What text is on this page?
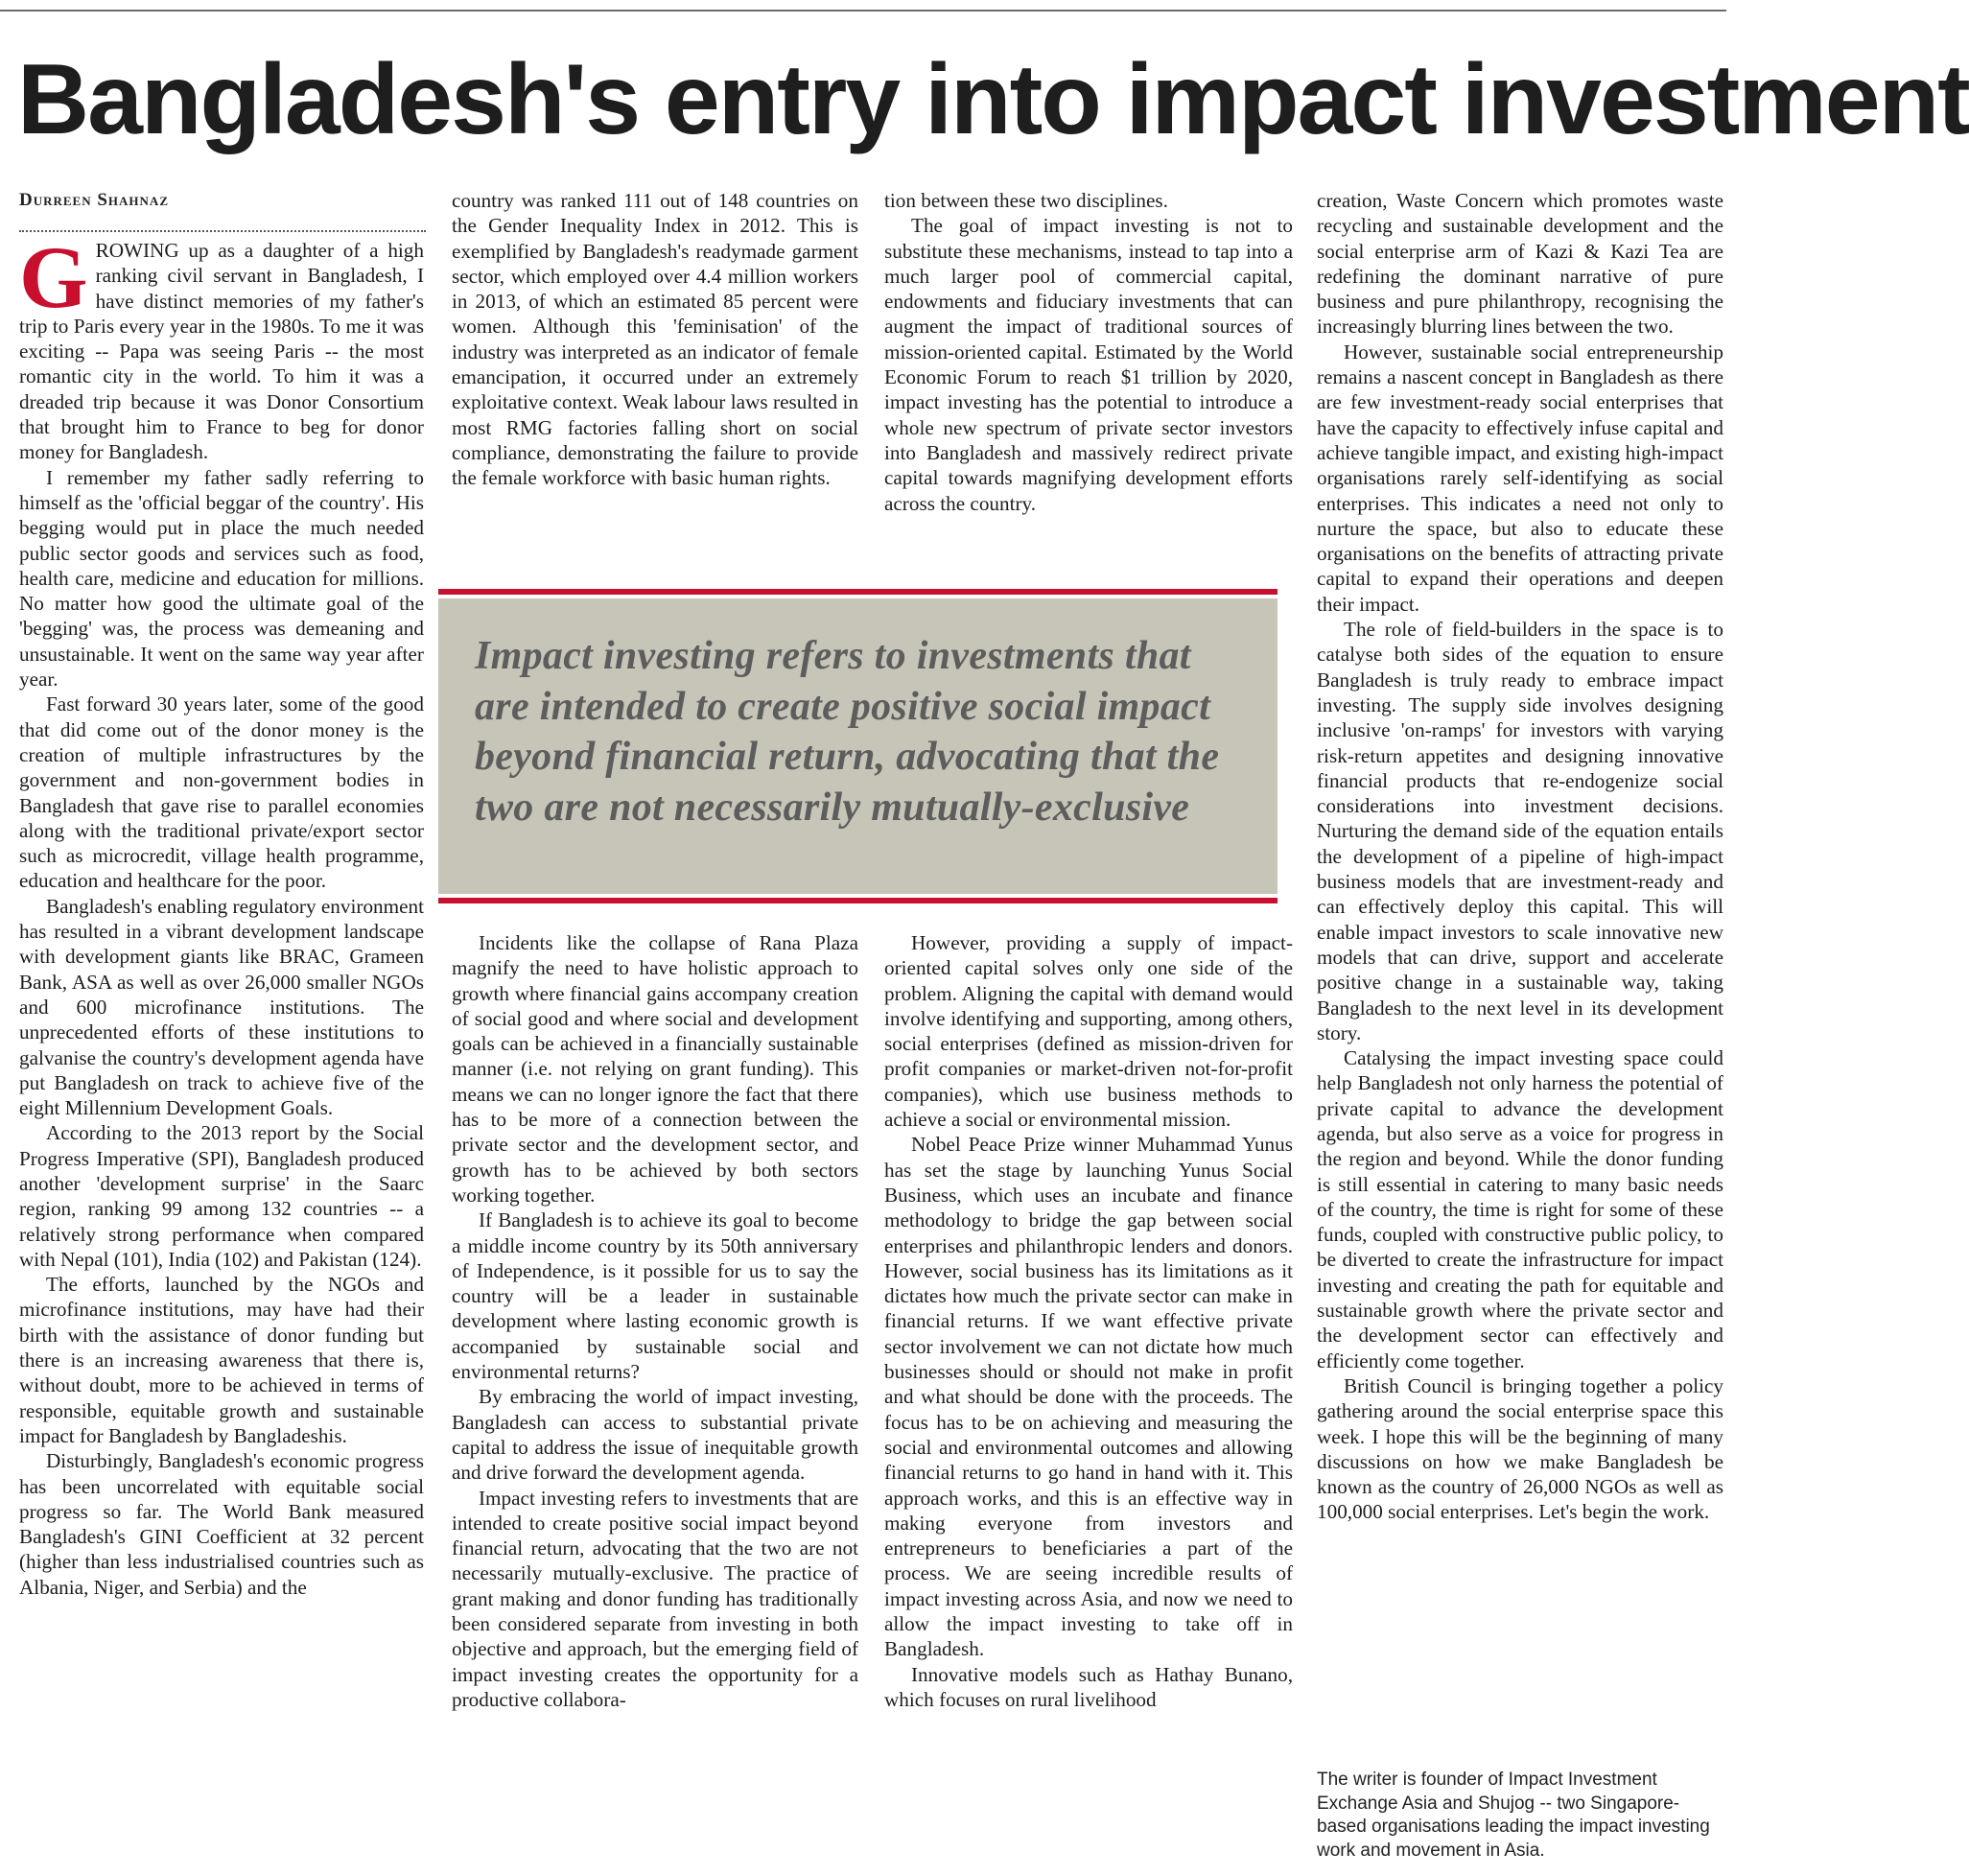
Bangladesh's entry into impact investment
Durreen Shahnaz

GROWING up as a daughter of a high ranking civil servant in Bangladesh, I have distinct memories of my father's trip to Paris every year in the 1980s. To me it was exciting -- Papa was seeing Paris -- the most romantic city in the world. To him it was a dreaded trip because it was Donor Consortium that brought him to France to beg for donor money for Bangladesh.

I remember my father sadly referring to himself as the 'official beggar of the country'. His begging would put in place the much needed public sector goods and services such as food, health care, medicine and education for millions. No matter how good the ultimate goal of the 'begging' was, the process was demeaning and unsustainable. It went on the same way year after year.

Fast forward 30 years later, some of the good that did come out of the donor money is the creation of multiple infrastructures by the government and non-government bodies in Bangladesh that gave rise to parallel economies along with the traditional private/export sector such as microcredit, village health programme, education and healthcare for the poor.

Bangladesh's enabling regulatory environment has resulted in a vibrant development landscape with development giants like BRAC, Grameen Bank, ASA as well as over 26,000 smaller NGOs and 600 microfinance institutions. The unprecedented efforts of these institutions to galvanise the country's development agenda have put Bangladesh on track to achieve five of the eight Millennium Development Goals.

According to the 2013 report by the Social Progress Imperative (SPI), Bangladesh produced another 'development surprise' in the Saarc region, ranking 99 among 132 countries -- a relatively strong performance when compared with Nepal (101), India (102) and Pakistan (124).

The efforts, launched by the NGOs and microfinance institutions, may have had their birth with the assistance of donor funding but there is an increasing awareness that there is, without doubt, more to be achieved in terms of responsible, equitable growth and sustainable impact for Bangladesh by Bangladeshis.

Disturbingly, Bangladesh's economic progress has been uncorrelated with equitable social progress so far. The World Bank measured Bangladesh's GINI Coefficient at 32 percent (higher than less industrialised countries such as Albania, Niger, and Serbia) and the

country was ranked 111 out of 148 countries on the Gender Inequality Index in 2012. This is exemplified by Bangladesh's readymade garment sector, which employed over 4.4 million workers in 2013, of which an estimated 85 percent were women. Although this 'feminisation' of the industry was interpreted as an indicator of female emancipation, it occurred under an extremely exploitative context. Weak labour laws resulted in most RMG factories falling short on social compliance, demonstrating the failure to provide the female workforce with basic human rights.

tion between these two disciplines.

The goal of impact investing is not to substitute these mechanisms, instead to tap into a much larger pool of commercial capital, endowments and fiduciary investments that can augment the impact of traditional sources of mission-oriented capital. Estimated by the World Economic Forum to reach $1 trillion by 2020, impact investing has the potential to introduce a whole new spectrum of private sector investors into Bangladesh and massively redirect private capital towards magnifying development efforts across the country.

Impact investing refers to investments that are intended to create positive social impact beyond financial return, advocating that the two are not necessarily mutually-exclusive

Incidents like the collapse of Rana Plaza magnify the need to have holistic approach to growth where financial gains accompany creation of social good and where social and development goals can be achieved in a financially sustainable manner (i.e. not relying on grant funding). This means we can no longer ignore the fact that there has to be more of a connection between the private sector and the development sector, and growth has to be achieved by both sectors working together.

If Bangladesh is to achieve its goal to become a middle income country by its 50th anniversary of Independence, is it possible for us to say the country will be a leader in sustainable development where lasting economic growth is accompanied by sustainable social and environmental returns?

By embracing the world of impact investing, Bangladesh can access to substantial private capital to address the issue of inequitable growth and drive forward the development agenda.

Impact investing refers to investments that are intended to create positive social impact beyond financial return, advocating that the two are not necessarily mutually-exclusive. The practice of grant making and donor funding has traditionally been considered separate from investing in both objective and approach, but the emerging field of impact investing creates the opportunity for a productive collabora-

However, providing a supply of impact-oriented capital solves only one side of the problem. Aligning the capital with demand would involve identifying and supporting, among others, social enterprises (defined as mission-driven for profit companies or market-driven not-for-profit companies), which use business methods to achieve a social or environmental mission.

Nobel Peace Prize winner Muhammad Yunus has set the stage by launching Yunus Social Business, which uses an incubate and finance methodology to bridge the gap between social enterprises and philanthropic lenders and donors. However, social business has its limitations as it dictates how much the private sector can make in financial returns. If we want effective private sector involvement we can not dictate how much businesses should or should not make in profit and what should be done with the proceeds. The focus has to be on achieving and measuring the social and environmental outcomes and allowing financial returns to go hand in hand with it. This approach works, and this is an effective way in making everyone from investors and entrepreneurs to beneficiaries a part of the process. We are seeing incredible results of impact investing across Asia, and now we need to allow the impact investing to take off in Bangladesh.

Innovative models such as Hathay Bunano, which focuses on rural livelihood

creation, Waste Concern which promotes waste recycling and sustainable development and the social enterprise arm of Kazi & Kazi Tea are redefining the dominant narrative of pure business and pure philanthropy, recognising the increasingly blurring lines between the two.

However, sustainable social entrepreneurship remains a nascent concept in Bangladesh as there are few investment-ready social enterprises that have the capacity to effectively infuse capital and achieve tangible impact, and existing high-impact organisations rarely self-identifying as social enterprises. This indicates a need not only to nurture the space, but also to educate these organisations on the benefits of attracting private capital to expand their operations and deepen their impact.

The role of field-builders in the space is to catalyse both sides of the equation to ensure Bangladesh is truly ready to embrace impact investing. The supply side involves designing inclusive 'on-ramps' for investors with varying risk-return appetites and designing innovative financial products that re-endogenize social considerations into investment decisions. Nurturing the demand side of the equation entails the development of a pipeline of high-impact business models that are investment-ready and can effectively deploy this capital. This will enable impact investors to scale innovative new models that can drive, support and accelerate positive change in a sustainable way, taking Bangladesh to the next level in its development story.

Catalysing the impact investing space could help Bangladesh not only harness the potential of private capital to advance the development agenda, but also serve as a voice for progress in the region and beyond. While the donor funding is still essential in catering to many basic needs of the country, the time is right for some of these funds, coupled with constructive public policy, to be diverted to create the infrastructure for impact investing and creating the path for equitable and sustainable growth where the private sector and the development sector can effectively and efficiently come together.

British Council is bringing together a policy gathering around the social enterprise space this week. I hope this will be the beginning of many discussions on how we make Bangladesh be known as the country of 26,000 NGOs as well as 100,000 social enterprises. Let's begin the work.

The writer is founder of Impact Investment Exchange Asia and Shujog -- two Singapore-based organisations leading the impact investing work and movement in Asia.
